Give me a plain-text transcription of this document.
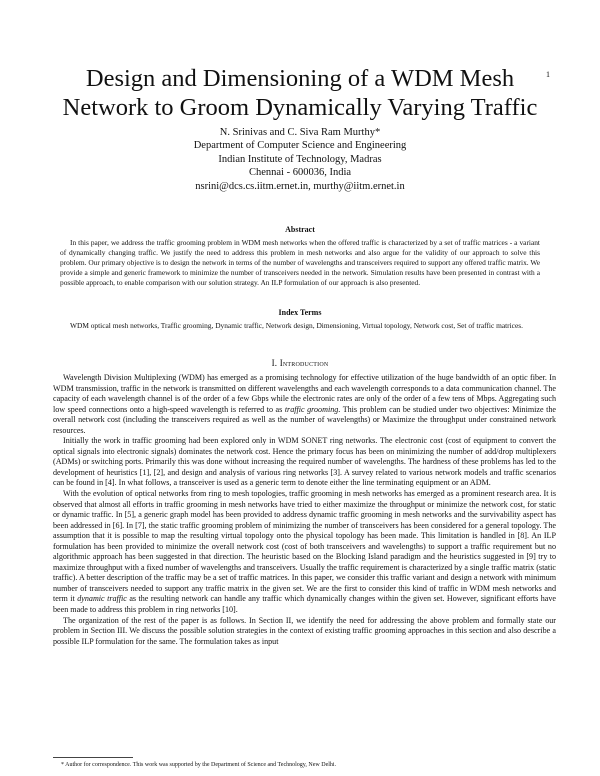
1
Design and Dimensioning of a WDM Mesh Network to Groom Dynamically Varying Traffic
N. Srinivas and C. Siva Ram Murthy*
Department of Computer Science and Engineering
Indian Institute of Technology, Madras
Chennai - 600036, India
nsrini@dcs.cs.iitm.ernet.in, murthy@iitm.ernet.in
Abstract

In this paper, we address the traffic grooming problem in WDM mesh networks when the offered traffic is characterized by a set of traffic matrices - a variant of dynamically changing traffic. We justify the need to address this problem in mesh networks and also argue for the validity of our approach to solve this problem. Our primary objective is to design the network in terms of the number of wavelengths and transceivers required to support any offered traffic matrix. We provide a simple and generic framework to minimize the number of transceivers needed in the network. Simulation results have been presented in contrast with a possible approach, to enable comparison with our solution strategy. An ILP formulation of our approach is also presented.

Index Terms

WDM optical mesh networks, Traffic grooming, Dynamic traffic, Network design, Dimensioning, Virtual topology, Network cost, Set of traffic matrices.

I. Introduction

Wavelength Division Multiplexing (WDM) has emerged as a promising technology for effective utilization of the huge bandwidth of an optic fiber. In WDM transmission, traffic in the network is transmitted on different wavelengths and each wavelength corresponds to a data communication channel. The capacity of each wavelength channel is of the order of a few Gbps while the electronic rates are only of the order of a few tens of Mbps. Aggregating such low speed connections onto a high-speed wavelength is referred to as traffic grooming. This problem can be studied under two objectives: Minimize the overall network cost (including the transceivers required as well as the number of wavelengths) or Maximize the throughput under constrained network resources.

Initially the work in traffic grooming had been explored only in WDM SONET ring networks. The electronic cost (cost of equipment to convert the optical signals into electronic signals) dominates the network cost. Hence the primary focus has been on minimizing the number of add/drop multiplexers (ADMs) or switching ports. Primarily this was done without increasing the required number of wavelengths. The hardness of these problems has led to the development of heuristics [1], [2], and design and analysis of various ring networks [3]. A survey related to various network models and traffic scenarios can be found in [4]. In what follows, a transceiver is used as a generic term to denote either the line terminating equipment or an ADM.

With the evolution of optical networks from ring to mesh topologies, traffic grooming in mesh networks has emerged as a prominent research area. It is observed that almost all efforts in traffic grooming in mesh networks have tried to either maximize the throughput or minimize the network cost, for static or dynamic traffic. In [5], a generic graph model has been provided to address dynamic traffic grooming in mesh networks and the survivability aspect has been addressed in [6]. In [7], the static traffic grooming problem of minimizing the number of transceivers has been considered for a general topology. The assumption that it is possible to map the resulting virtual topology onto the physical topology has been made. This limitation is handled in [8]. An ILP formulation has been provided to minimize the overall network cost (cost of both transceivers and wavelengths) to support a traffic requirement but no algorithmic approach has been suggested in that direction. The heuristic based on the Blocking Island paradigm and the heuristics suggested in [9] try to maximize throughput with a fixed number of wavelengths and transceivers. Usually the traffic requirement is characterized by a single traffic matrix (static traffic). A better description of the traffic may be a set of traffic matrices. In this paper, we consider this traffic variant and design a network with minimum number of transceivers needed to support any traffic matrix in the given set. We are the first to consider this kind of traffic in WDM mesh networks and term it dynamic traffic as the resulting network can handle any traffic which dynamically changes within the given set. However, significant efforts have been made to address this problem in ring networks [10].

The organization of the rest of the paper is as follows. In Section II, we identify the need for addressing the above problem and formally state our problem in Section III. We discuss the possible solution strategies in the context of existing traffic grooming approaches in this section and also describe a possible ILP formulation for the same. The formulation takes as input

* Author for correspondence. This work was supported by the Department of Science and Technology, New Delhi.
